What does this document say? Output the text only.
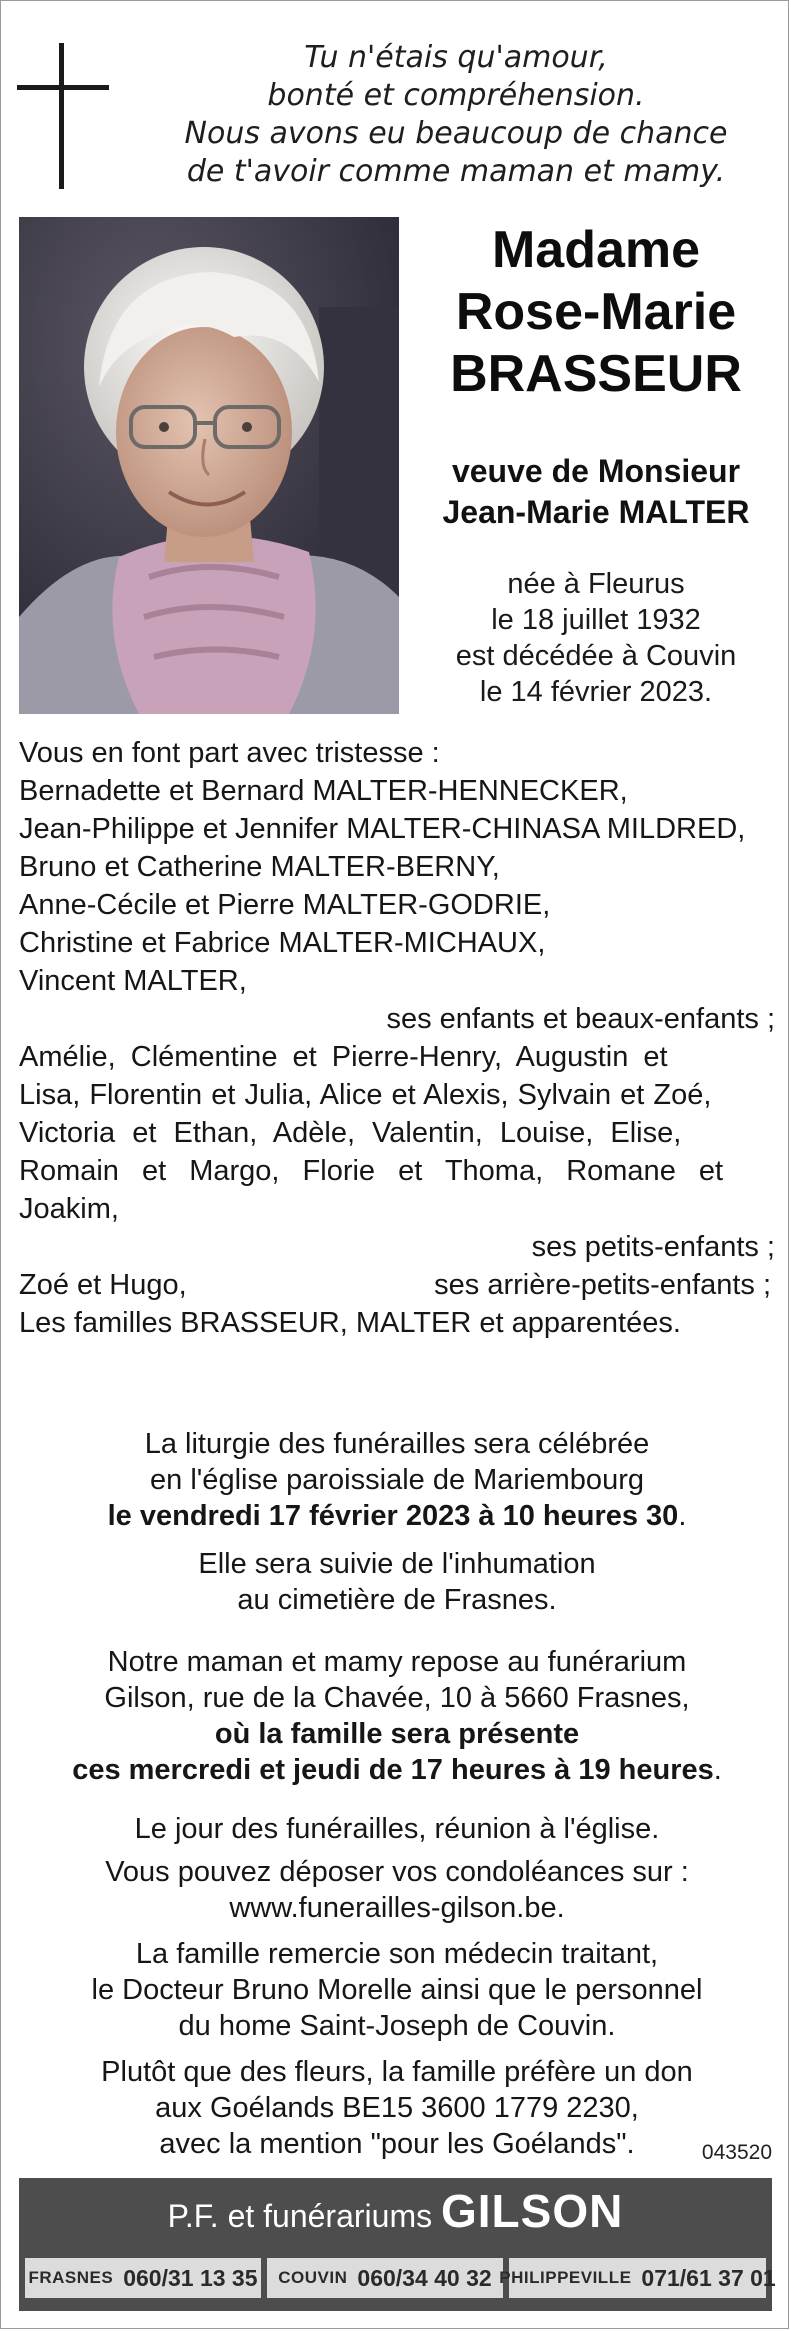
Tu n'étais qu'amour,
bonté et compréhension.
Nous avons eu beaucoup de chance
de t'avoir comme maman et mamy.
Madame
Rose-Marie
BRASSEUR
veuve de Monsieur
Jean-Marie MALTER
née à Fleurus
le 18 juillet 1932
est décédée à Couvin
le 14 février 2023.
Vous en font part avec tristesse :
Bernadette et Bernard MALTER-HENNECKER,
Jean-Philippe et Jennifer MALTER-CHINASA MILDRED,
Bruno et Catherine MALTER-BERNY,
Anne-Cécile et Pierre MALTER-GODRIE,
Christine et Fabrice MALTER-MICHAUX,
Vincent MALTER,
ses enfants et beaux-enfants ;
Amélie, Clémentine et Pierre-Henry, Augustin et
Lisa, Florentin et Julia, Alice et Alexis, Sylvain et Zoé,
Victoria et Ethan, Adèle, Valentin, Louise, Elise,
Romain et Margo, Florie et Thoma, Romane et
Joakim,
ses petits-enfants ;
Zoé et Hugo,	ses arrière-petits-enfants ;
Les familles BRASSEUR, MALTER et apparentées.
La liturgie des funérailles sera célébrée
en l'église paroissiale de Mariembourg
le vendredi 17 février 2023 à 10 heures 30.
Elle sera suivie de l'inhumation
au cimetière de Frasnes.
Notre maman et mamy repose au funérarium
Gilson, rue de la Chavée, 10 à 5660 Frasnes,
où la famille sera présente
ces mercredi et jeudi de 17 heures à 19 heures.
Le jour des funérailles, réunion à l'église.
Vous pouvez déposer vos condoléances sur :
www.funerailles-gilson.be.
La famille remercie son médecin traitant,
le Docteur Bruno Morelle ainsi que le personnel
du home Saint-Joseph de Couvin.
Plutôt que des fleurs, la famille préfère un don
aux Goélands BE15 3600 1779 2230,
avec la mention "pour les Goélands".	043520
P.F. et funérariums GILSON
FRASNES 060/31 13 35 COUVIN 060/34 40 32 PHILIPPEVILLE 071/61 37 01
